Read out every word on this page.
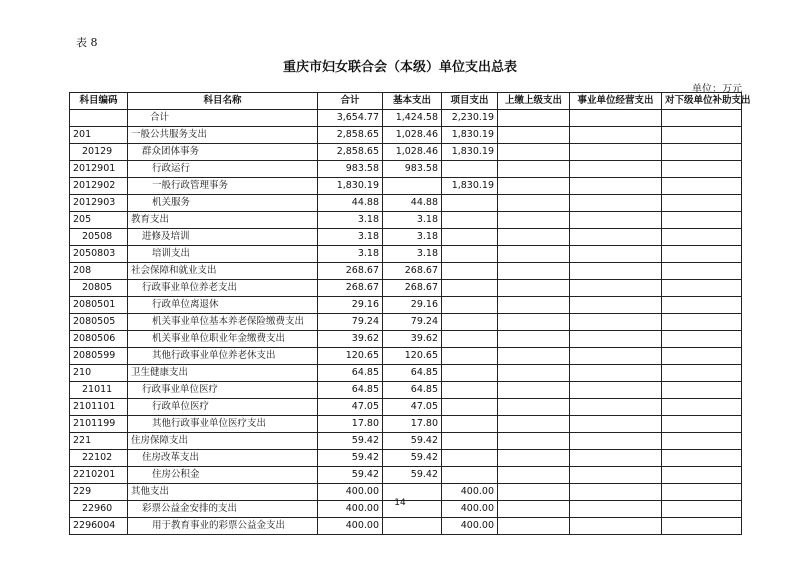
表 8
重庆市妇女联合会（本级）单位支出总表
单位：万元
科目编码	科目名称	合计	基本支出	项目支出	上缴上级支出	事业单位经营支出	对下级单位补助支出
	合计	3,654.77	1,424.58	2,230.19			
201	一般公共服务支出	2,858.65	1,028.46	1,830.19			
20129	群众团体事务	2,858.65	1,028.46	1,830.19			
2012901	行政运行	983.58	983.58				
2012902	一般行政管理事务	1,830.19		1,830.19			
2012903	机关服务	44.88	44.88				
205	教育支出	3.18	3.18				
20508	进修及培训	3.18	3.18				
2050803	培训支出	3.18	3.18				
208	社会保障和就业支出	268.67	268.67				
20805	行政事业单位养老支出	268.67	268.67				
2080501	行政单位离退休	29.16	29.16				
2080505	机关事业单位基本养老保险缴费支出	79.24	79.24				
2080506	机关事业单位职业年金缴费支出	39.62	39.62				
2080599	其他行政事业单位养老休支出	120.65	120.65				
210	卫生健康支出	64.85	64.85				
21011	行政事业单位医疗	64.85	64.85				
2101101	行政单位医疗	47.05	47.05				
2101199	其他行政事业单位医疗支出	17.80	17.80				
221	住房保障支出	59.42	59.42				
22102	住房改革支出	59.42	59.42				
2210201	住房公积金	59.42	59.42				
229	其他支出	400.00		400.00			
22960	彩票公益金安排的支出	400.00		400.00			
2296004	用于教育事业的彩票公益金支出	400.00		400.00			
14
